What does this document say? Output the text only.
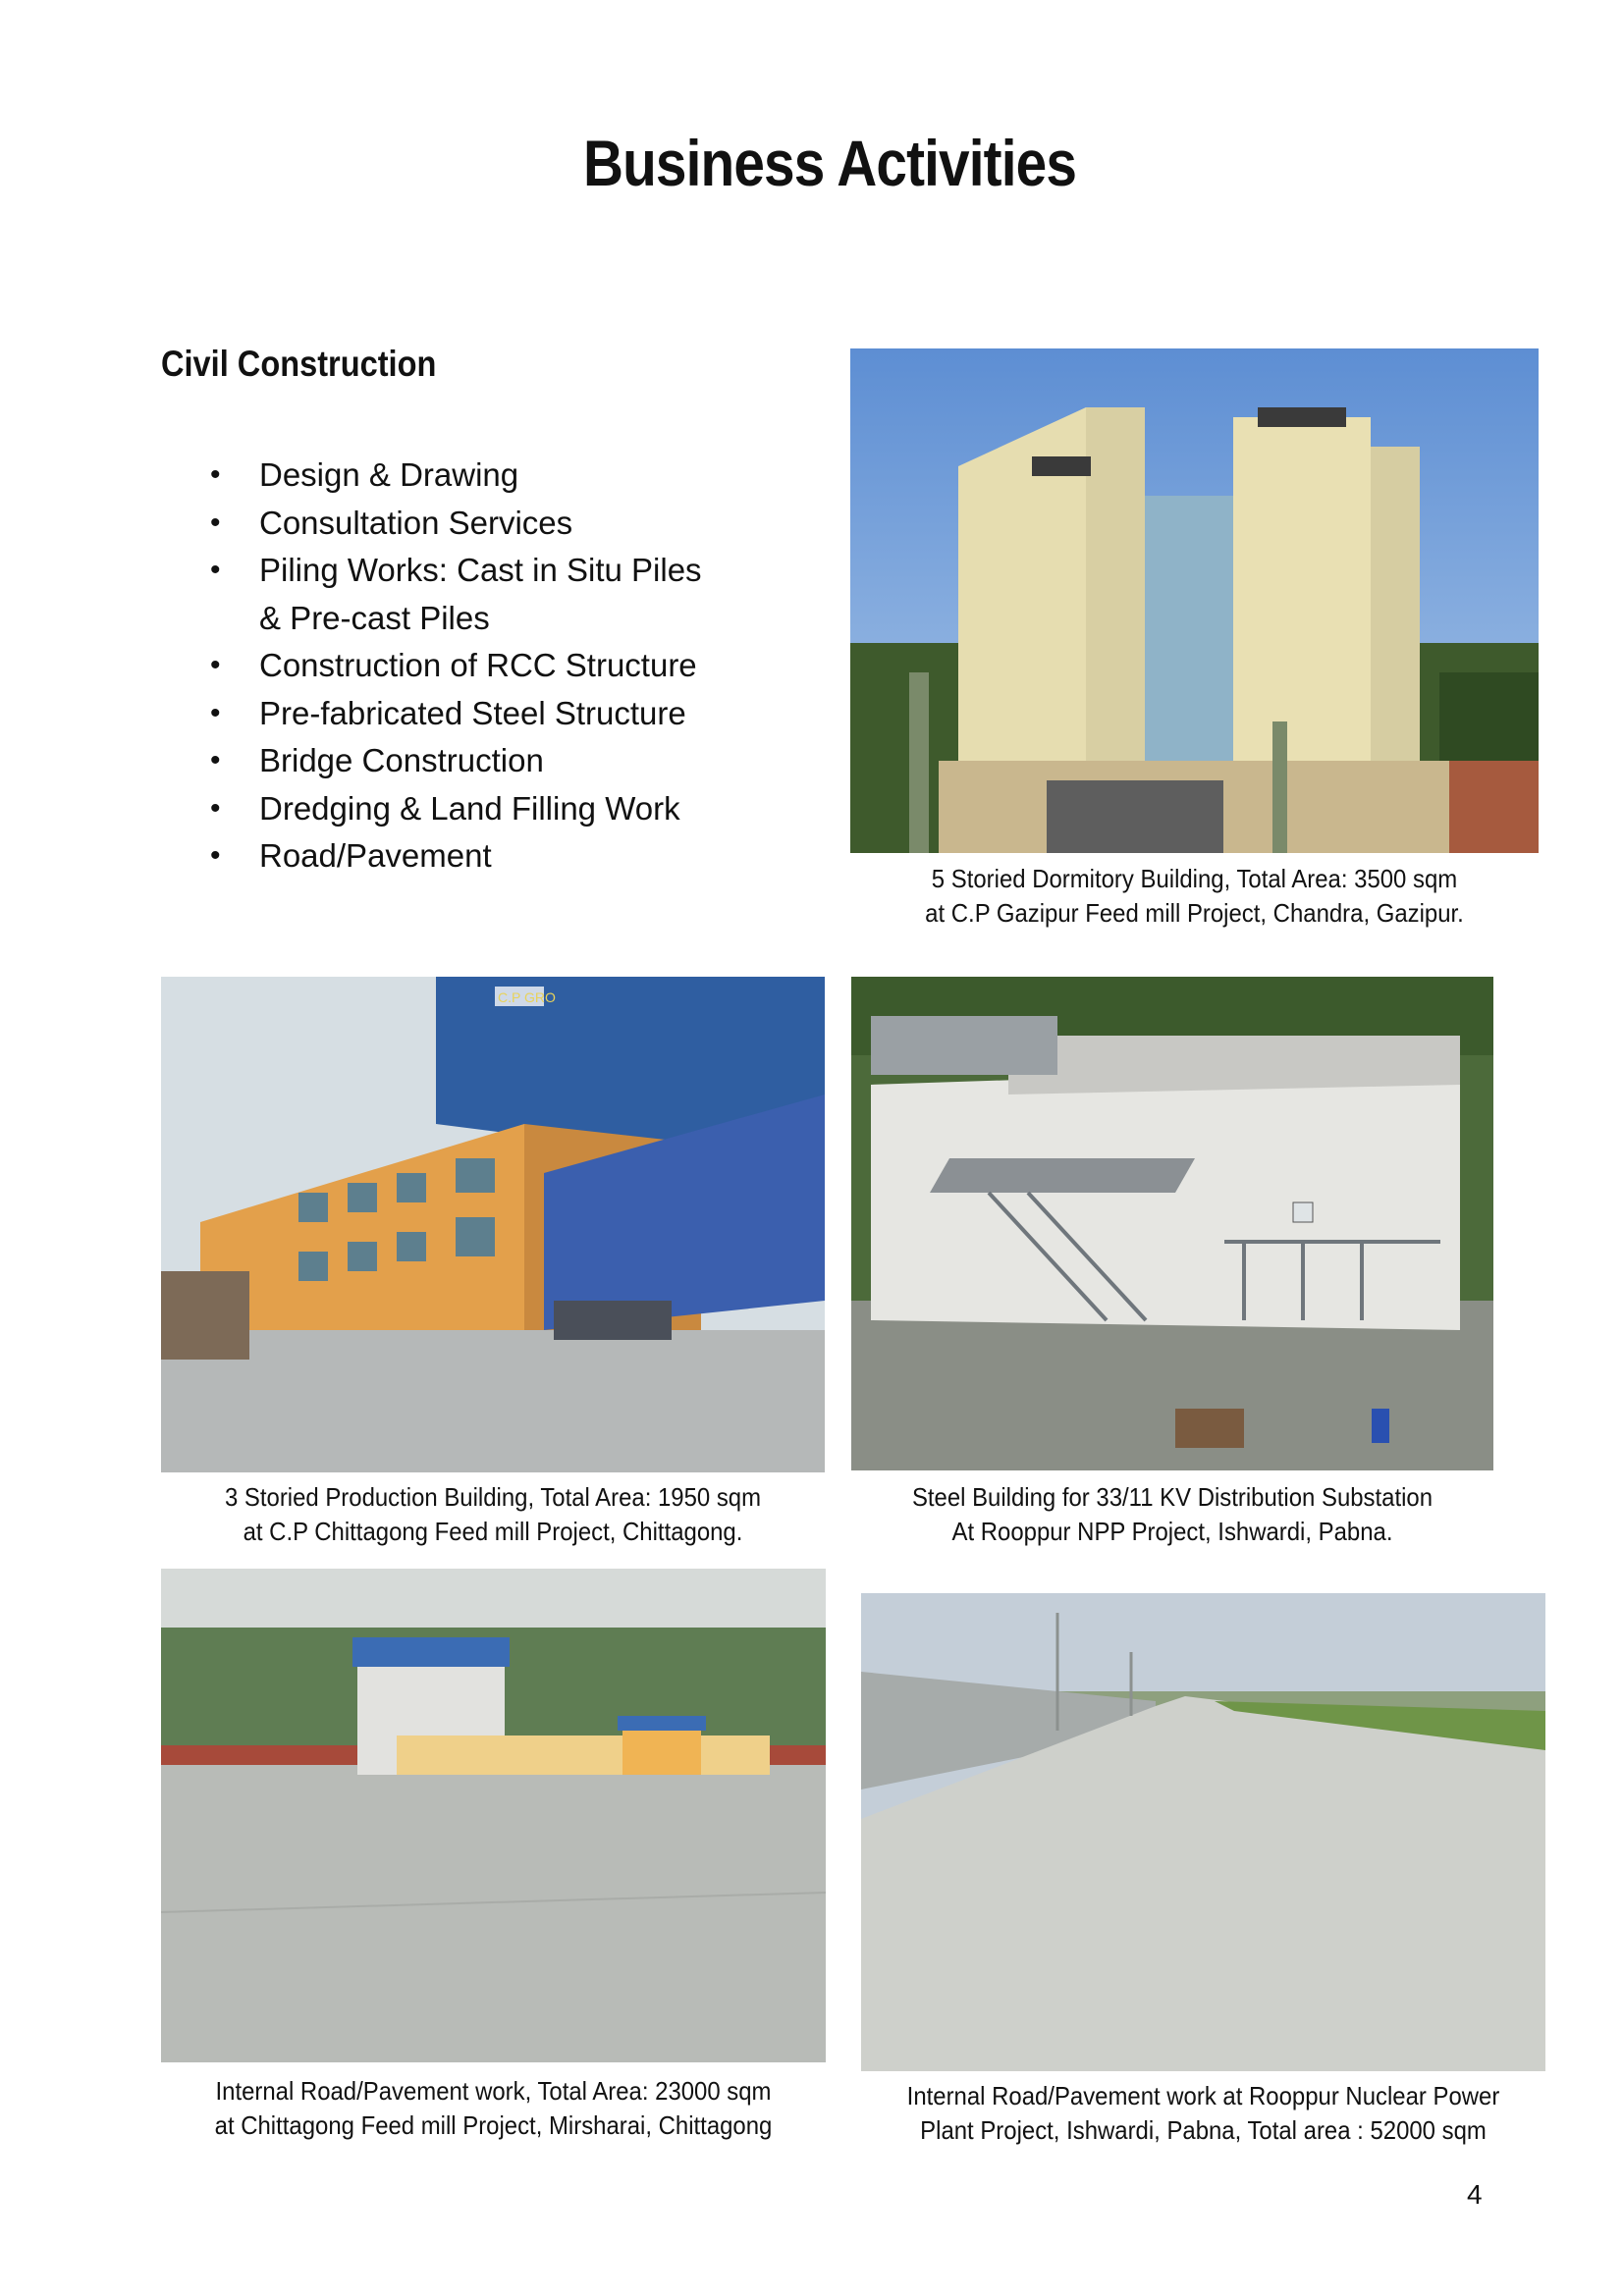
Business Activities
Civil Construction
• Design & Drawing
• Consultation Services
• Piling Works: Cast in Situ Piles
& Pre-cast Piles
• Construction of RCC Structure
• Pre-fabricated Steel Structure
• Bridge Construction
• Dredging & Land Filling Work
• Road/Pavement
5 Storied Dormitory Building, Total Area: 3500 sqm
at C.P Gazipur Feed mill Project, Chandra, Gazipur.
C.P GRO
3 Storied Production Building, Total Area: 1950 sqm
at C.P Chittagong Feed mill Project, Chittagong.
Steel Building for 33/11 KV Distribution Substation
At Rooppur NPP Project, Ishwardi, Pabna.
Internal Road/Pavement work, Total Area: 23000 sqm
at Chittagong Feed mill Project, Mirsharai, Chittagong
Internal Road/Pavement work at Rooppur Nuclear Power
Plant Project, Ishwardi, Pabna, Total area : 52000 sqm
4
